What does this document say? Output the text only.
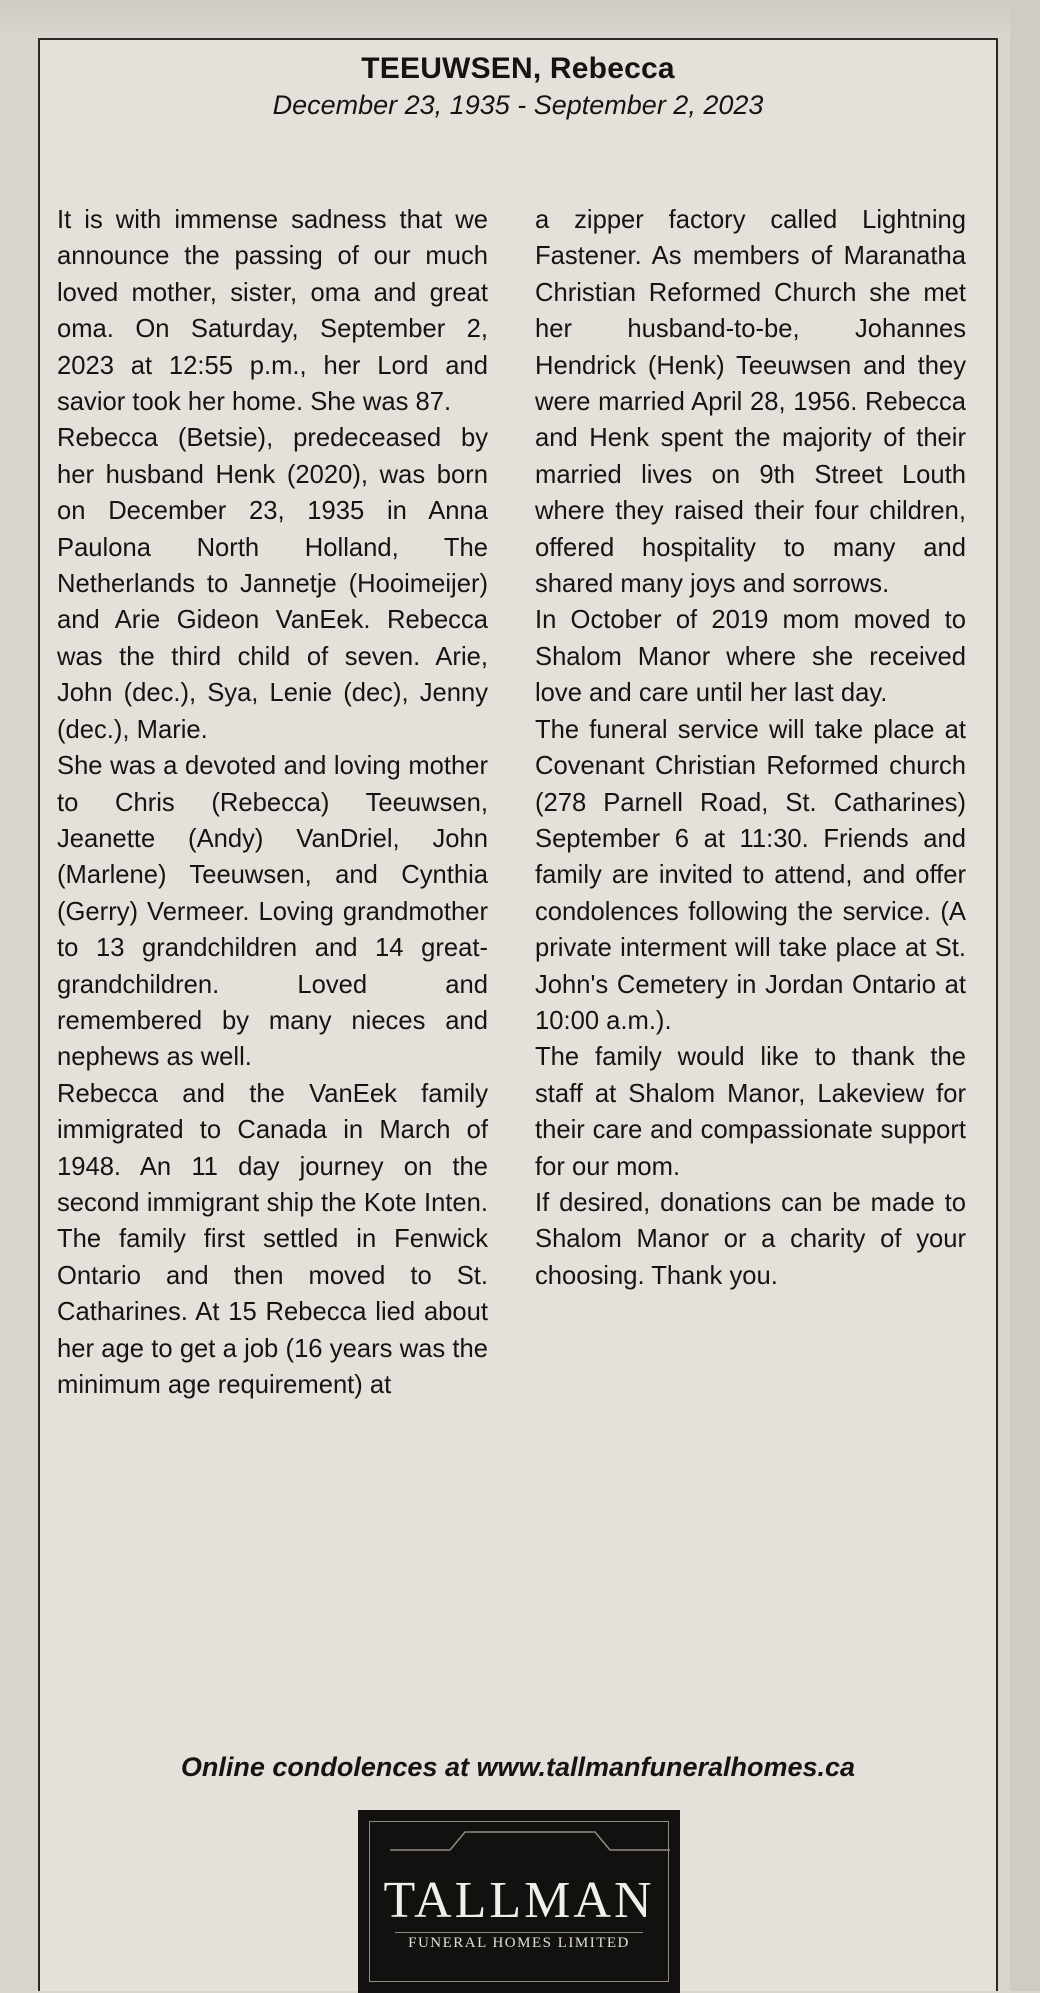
TEEUWSEN, Rebecca
December 23, 1935 - September 2, 2023

It is with immense sadness that we announce the passing of our much loved mother, sister, oma and great oma. On Saturday, September 2, 2023 at 12:55 p.m., her Lord and savior took her home. She was 87.

Rebecca (Betsie), predeceased by her husband Henk (2020), was born on December 23, 1935 in Anna Paulona North Holland, The Netherlands to Jannetje (Hooimeijer) and Arie Gideon VanEek. Rebecca was the third child of seven. Arie, John (dec.), Sya, Lenie (dec), Jenny (dec.), Marie.

She was a devoted and loving mother to Chris (Rebecca) Teeuwsen, Jeanette (Andy) VanDriel, John (Marlene) Teeuwsen, and Cynthia (Gerry) Vermeer. Loving grandmother to 13 grandchildren and 14 great-grandchildren. Loved and remembered by many nieces and nephews as well.

Rebecca and the VanEek family immigrated to Canada in March of 1948. An 11 day journey on the second immigrant ship the Kote Inten. The family first settled in Fenwick Ontario and then moved to St. Catharines. At 15 Rebecca lied about her age to get a job (16 years was the minimum age requirement) at

a zipper factory called Lightning Fastener. As members of Maranatha Christian Reformed Church she met her husband-to-be, Johannes Hendrick (Henk) Teeuwsen and they were married April 28, 1956. Rebecca and Henk spent the majority of their married lives on 9th Street Louth where they raised their four children, offered hospitality to many and shared many joys and sorrows.

In October of 2019 mom moved to Shalom Manor where she received love and care until her last day.

The funeral service will take place at Covenant Christian Reformed church (278 Parnell Road, St. Catharines) September 6 at 11:30. Friends and family are invited to attend, and offer condolences following the service. (A private interment will take place at St. John's Cemetery in Jordan Ontario at 10:00 a.m.).

The family would like to thank the staff at Shalom Manor, Lakeview for their care and compassionate support for our mom.

If desired, donations can be made to Shalom Manor or a charity of your choosing. Thank you.

Online condolences at www.tallmanfuneralhomes.ca
TALLMAN
FUNERAL HOMES LIMITED
